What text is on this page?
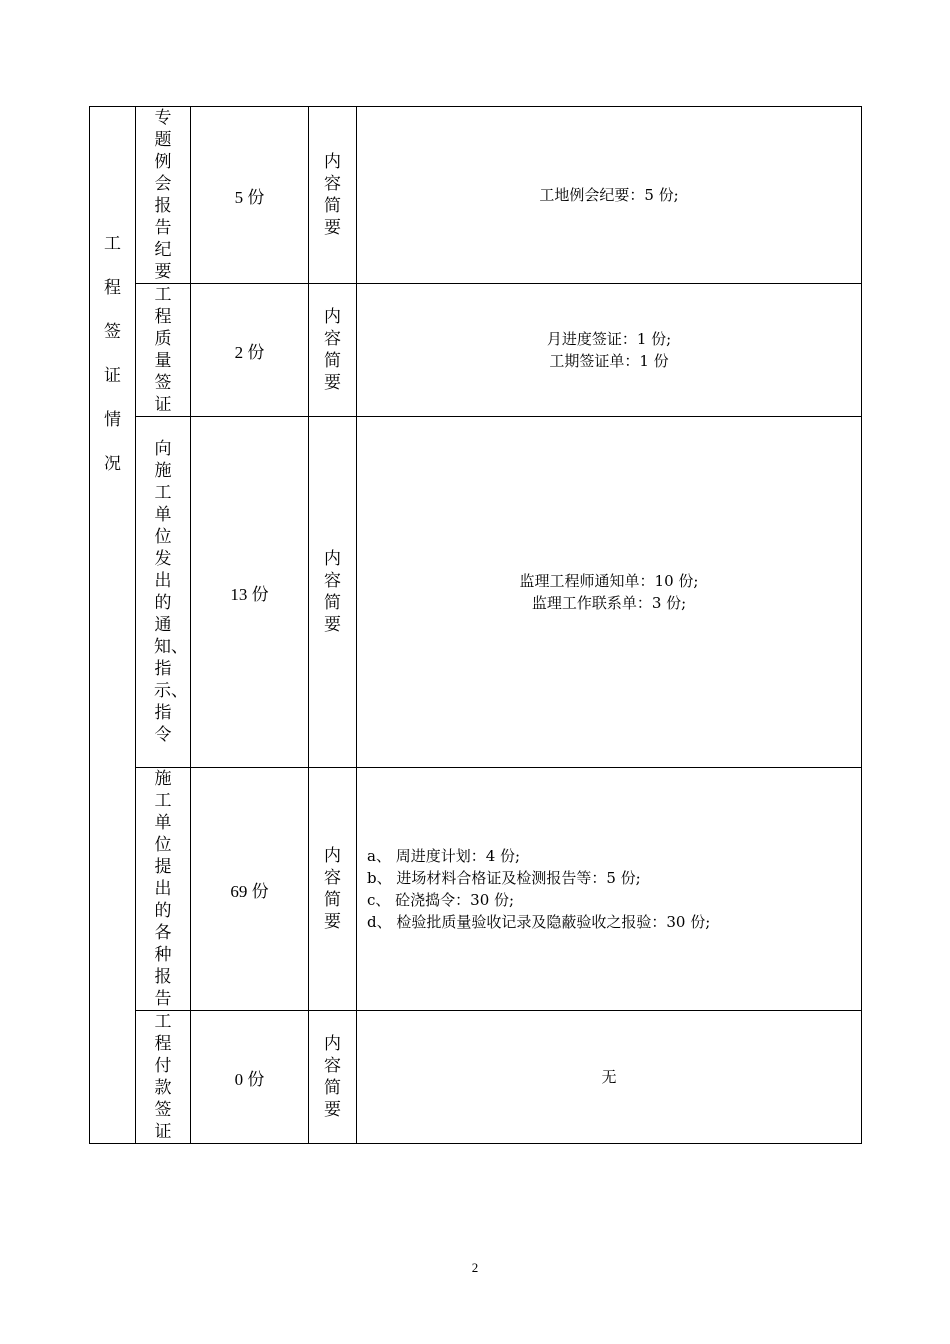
工程签证情况	专题例会报告纪要	5 份	内容简要	工地例会纪要：5 份;

	工程质量签证	2 份	内容简要	月进度签证：1 份;
工期签证单：1 份

	向施工单位发出的通知、指示、指令	13 份	内容简要	监理工程师通知单：10 份;
监理工作联系单：3 份;

	施工单位提出的各种报告	69 份	内容简要	a、 周进度计划：4 份;
b、 进场材料合格证及检测报告等：5 份;
c、 砼浇捣令：30 份;
d、 检验批质量验收记录及隐蔽验收之报验：30 份;

	工程付款签证	0 份	内容简要	无
2
